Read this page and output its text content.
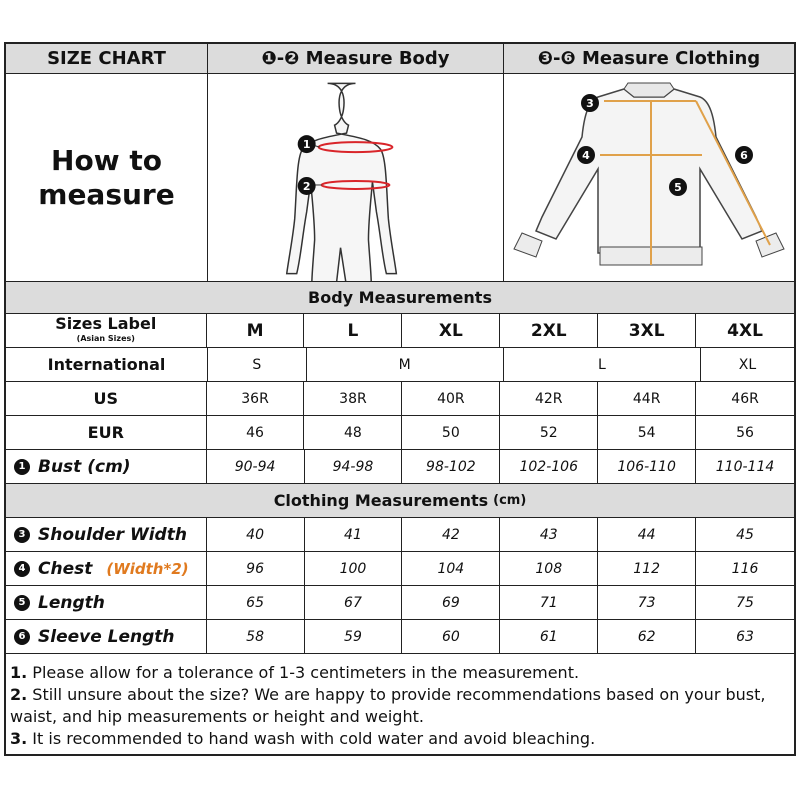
SIZE CHART	❶-❷ Measure Body	❸-❻ Measure Clothing
How to measure
1
2
3
4
5
6
Body Measurements
Sizes Label
(Asian Sizes)	M	L	XL	2XL	3XL	4XL
International	S	M	L	XL
US	36R	38R	40R	42R	44R	46R
EUR	46	48	50	52	54	56
1 Bust (cm)	90-94	94-98	98-102	102-106	106-110	110-114
Clothing Measurements (cm)
3 Shoulder Width	40	41	42	43	44	45
4 Chest (Width*2)	96	100	104	108	112	116
5 Length	65	67	69	71	73	75
6 Sleeve Length	58	59	60	61	62	63

1. Please allow for a tolerance of 1-3 centimeters in the measurement.

2. Still unsure about the size? We are happy to provide recommendations based on your bust, waist, and hip measurements or height and weight.

3. It is recommended to hand wash with cold water and avoid bleaching.
